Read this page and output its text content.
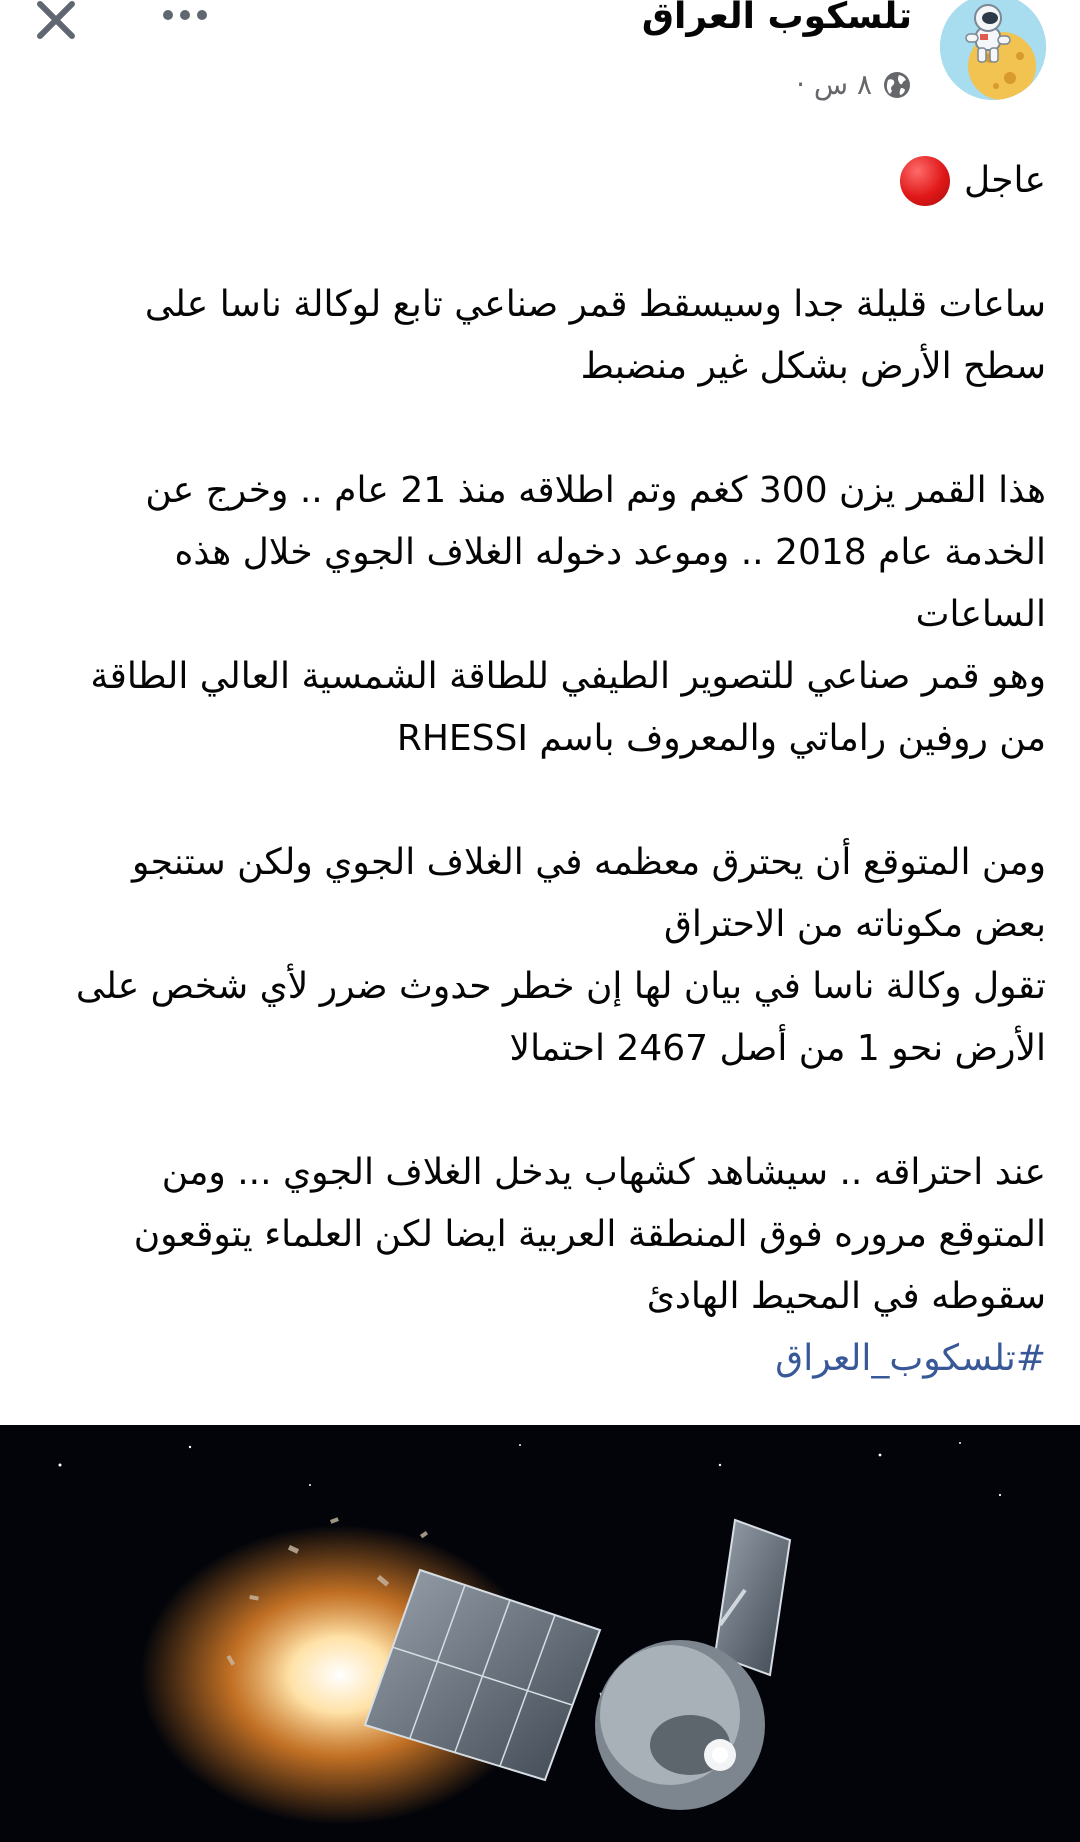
تلسكوب العراق
٨ س ·

عاجل

ساعات قليلة جدا وسيسقط قمر صناعي تابع لوكالة ناسا على

سطح الأرض بشكل غير منضبط

هذا القمر يزن 300 كغم وتم اطلاقه منذ 21 عام .. وخرج عن

الخدمة عام 2018 .. وموعد دخوله الغلاف الجوي خلال هذه

الساعات

وهو قمر صناعي للتصوير الطيفي للطاقة الشمسية العالي الطاقة

من روفين راماتي والمعروف باسم RHESSI

ومن المتوقع أن يحترق معظمه في الغلاف الجوي ولكن ستنجو

بعض مكوناته من الاحتراق

تقول وكالة ناسا في بيان لها إن خطر حدوث ضرر لأي شخص على

الأرض نحو 1 من أصل 2467 احتمالا

عند احتراقه .. سيشاهد كشهاب يدخل الغلاف الجوي ... ومن

المتوقع مروره فوق المنطقة العربية ايضا لكن العلماء يتوقعون

سقوطه في المحيط الهادئ

#تلسكوب_العراق
